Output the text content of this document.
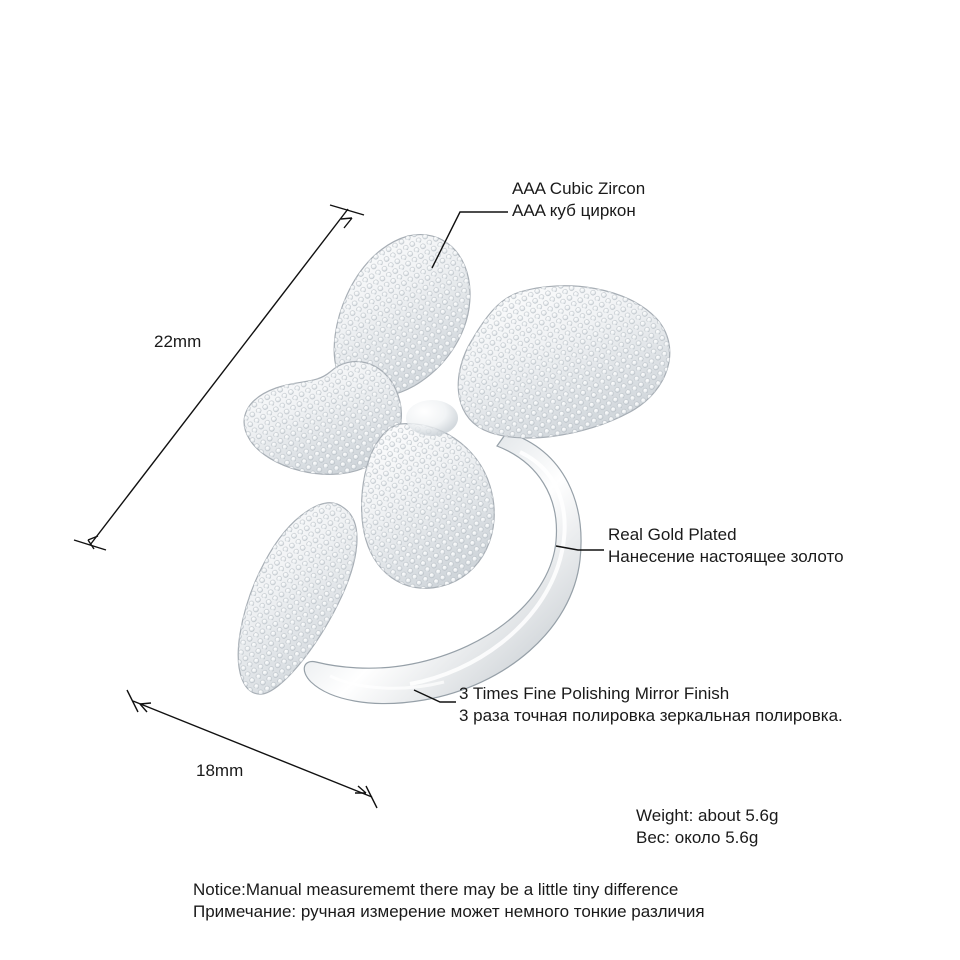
22mm
18mm
AAA Cubic Zircon
AAA куб циркон
Real Gold Plated
Нанесение настоящее золото
3 Times Fine Polishing Mirror Finish
3 раза точная полировка зеркальная полировка.
Weight: about 5.6g
Вес: около 5.6g
Notice:Manual measurememt there may be a little tiny difference
Примечание: ручная измерение может немного тонкие различия
